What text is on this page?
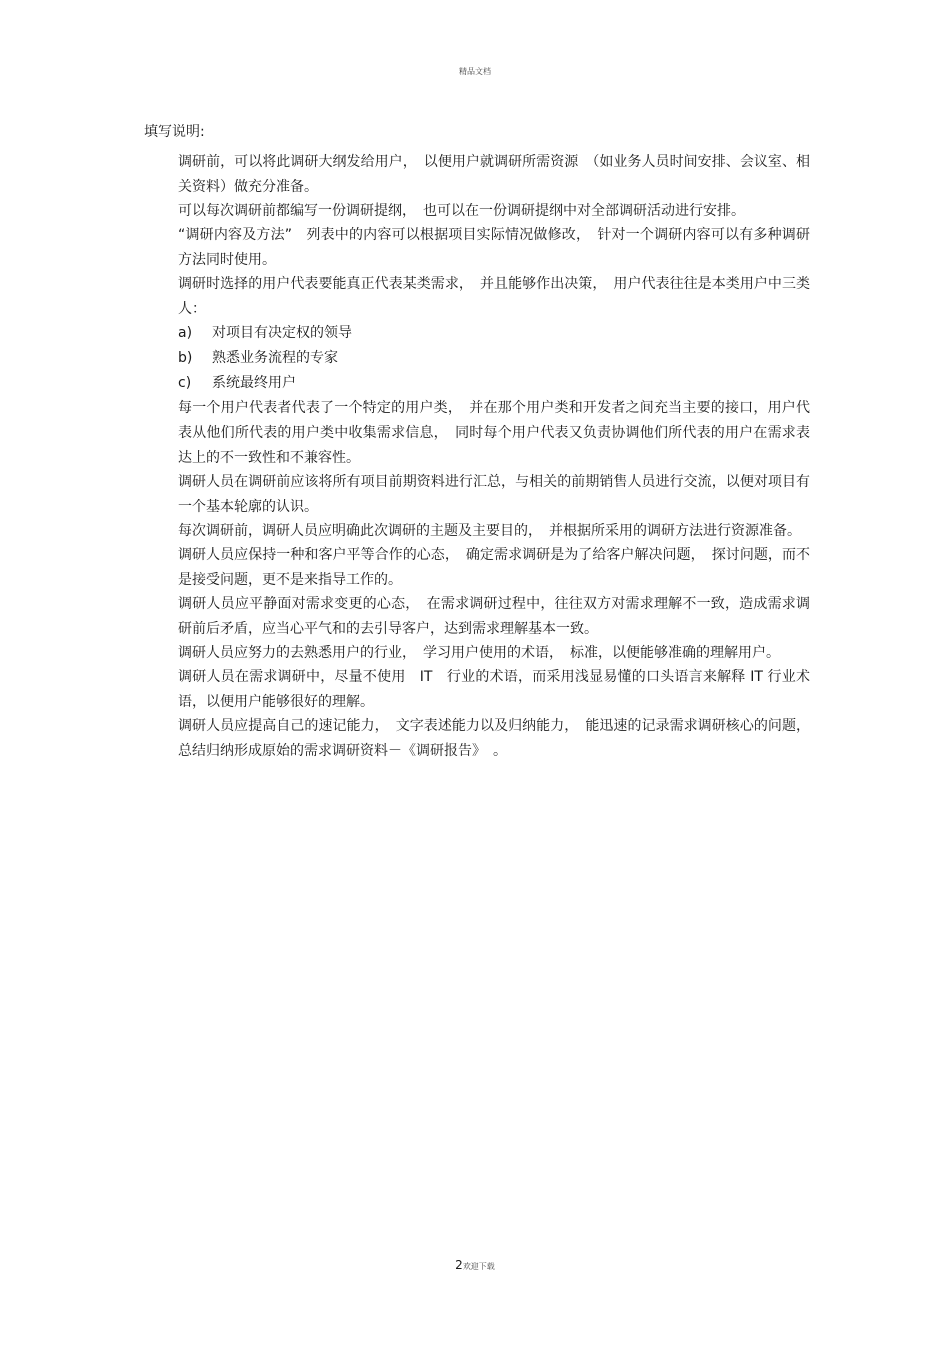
精品文档
填写说明:

调研前，可以将此调研大纲发给用户，　以便用户就调研所需资源　（如业务人员时间安排、会议室、相关资料）做充分准备。

可以每次调研前都编写一份调研提纲，　也可以在一份调研提纲中对全部调研活动进行安排。

“调研内容及方法”　列表中的内容可以根据项目实际情况做修改，　针对一个调研内容可以有多种调研方法同时使用。

调研时选择的用户代表要能真正代表某类需求，　并且能够作出决策，　用户代表往往是本类用户中三类人：

a)	对项目有决定权的领导
b)	熟悉业务流程的专家
c)	系统最终用户

每一个用户代表者代表了一个特定的用户类，　并在那个用户类和开发者之间充当主要的接口，用户代表从他们所代表的用户类中收集需求信息，　同时每个用户代表又负责协调他们所代表的用户在需求表达上的不一致性和不兼容性。

调研人员在调研前应该将所有项目前期资料进行汇总，与相关的前期销售人员进行交流，以便对项目有一个基本轮廓的认识。

每次调研前，调研人员应明确此次调研的主题及主要目的，　并根据所采用的调研方法进行资源准备。

调研人员应保持一种和客户平等合作的心态，　确定需求调研是为了给客户解决问题，　探讨问题，而不是接受问题，更不是来指导工作的。

调研人员应平静面对需求变更的心态，　在需求调研过程中，往往双方对需求理解不一致，造成需求调研前后矛盾，应当心平气和的去引导客户，达到需求理解基本一致。

调研人员应努力的去熟悉用户的行业，　学习用户使用的术语，　标准，以便能够准确的理解用户。

调研人员在需求调研中，尽量不使用　IT　行业的术语，而采用浅显易懂的口头语言来解释 IT 行业术语，以便用户能够很好的理解。

调研人员应提高自己的速记能力，　文字表述能力以及归纳能力，　能迅速的记录需求调研核心的问题，总结归纳形成原始的需求调研资料－《调研报告》　。

2欢迎下载
